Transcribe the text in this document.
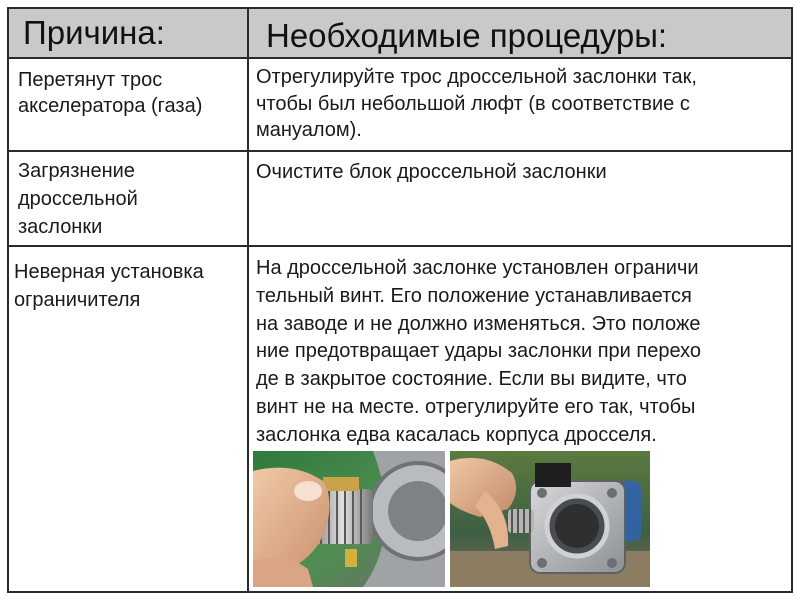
Причина:	Необходимые процедуры:
Перетянут трос
акселератора (газа)
Отрегулируйте трос дроссельной заслонки так,
чтобы был небольшой люфт (в соответствие с
мануалом).
Загрязнение
дроссельной
заслонки
Очистите блок дроссельной заслонки
Неверная установка
ограничителя
На дроссельной заслонке установлен ограничи
тельный винт. Его положение устанавливается
на заводе и не должно изменяться. Это положе
ние предотвращает удары заслонки при перехо
де в закрытое состояние. Если вы видите, что
винт не на месте. отрегулируйте его так, чтобы
заслонка едва касалась корпуса дросселя.
